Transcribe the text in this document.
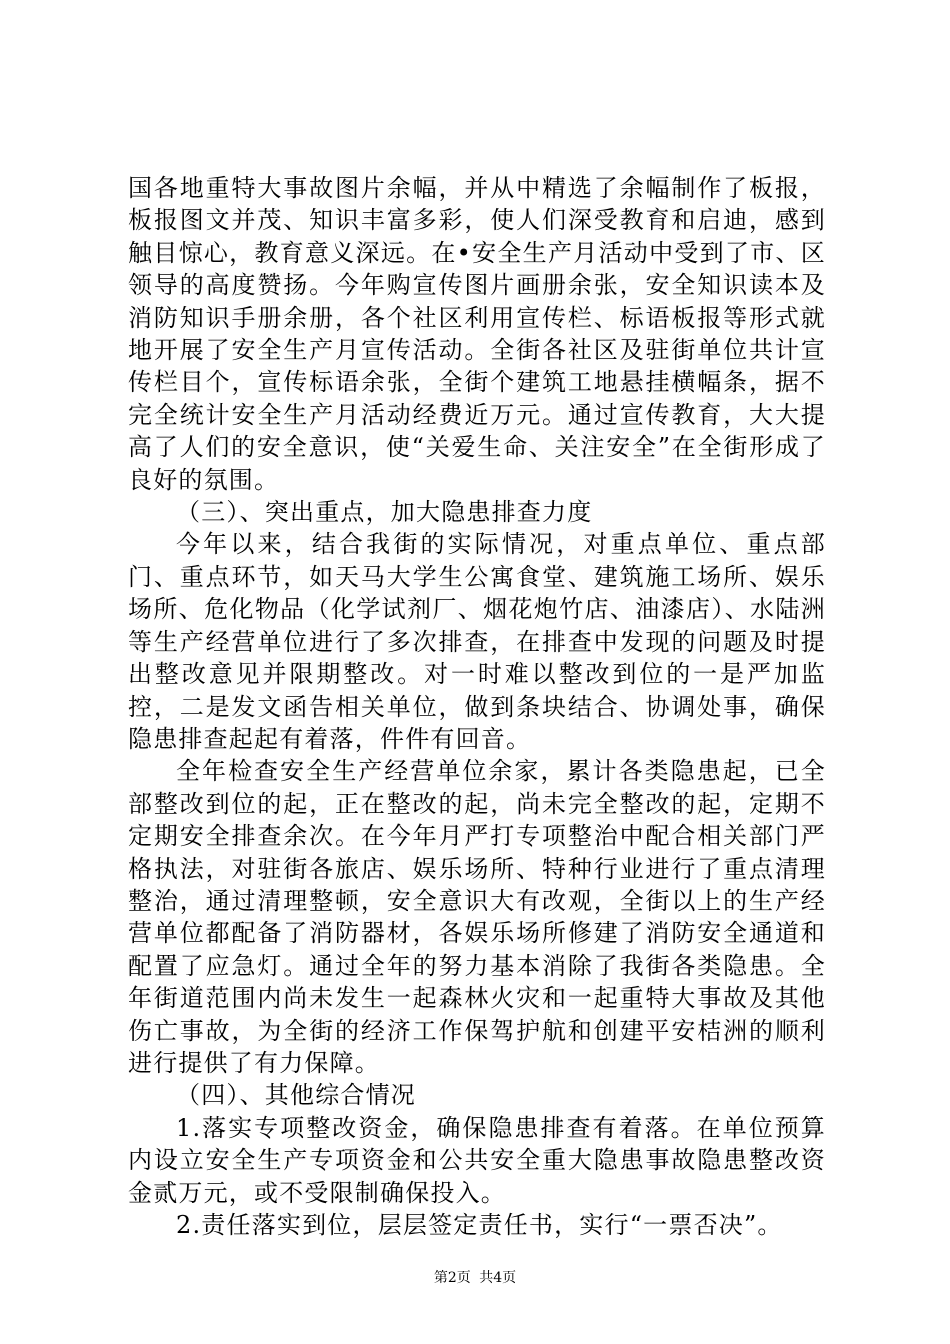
国各地重特大事故图片余幅，并从中精选了余幅制作了板报，板报图文并茂、知识丰富多彩，使人们深受教育和启迪，感到触目惊心，教育意义深远。在•安全生产月活动中受到了市、区领导的高度赞扬。今年购宣传图片画册余张，安全知识读本及消防知识手册余册，各个社区利用宣传栏、标语板报等形式就地开展了安全生产月宣传活动。全街各社区及驻街单位共计宣传栏目个，宣传标语余张，全街个建筑工地悬挂横幅条，据不完全统计安全生产月活动经费近万元。通过宣传教育，大大提高了人们的安全意识，使“关爱生命、关注安全”在全街形成了良好的氛围。

（三）、突出重点，加大隐患排查力度

今年以来，结合我街的实际情况，对重点单位、重点部门、重点环节，如天马大学生公寓食堂、建筑施工场所、娱乐场所、危化物品（化学试剂厂、烟花炮竹店、油漆店）、水陆洲等生产经营单位进行了多次排查，在排查中发现的问题及时提出整改意见并限期整改。对一时难以整改到位的一是严加监控，二是发文函告相关单位，做到条块结合、协调处事，确保隐患排查起起有着落，件件有回音。

全年检查安全生产经营单位余家，累计各类隐患起，已全部整改到位的起，正在整改的起，尚未完全整改的起，定期不定期安全排查余次。在今年月严打专项整治中配合相关部门严格执法，对驻街各旅店、娱乐场所、特种行业进行了重点清理整治，通过清理整顿，安全意识大有改观，全街以上的生产经营单位都配备了消防器材，各娱乐场所修建了消防安全通道和配置了应急灯。通过全年的努力基本消除了我街各类隐患。全年街道范围内尚未发生一起森林火灾和一起重特大事故及其他伤亡事故，为全街的经济工作保驾护航和创建平安桔洲的顺利进行提供了有力保障。

（四）、其他综合情况

1.落实专项整改资金，确保隐患排查有着落。在单位预算内设立安全生产专项资金和公共安全重大隐患事故隐患整改资金贰万元，或不受限制确保投入。

2.责任落实到位，层层签定责任书，实行“一票否决”。

第2页 共4页
